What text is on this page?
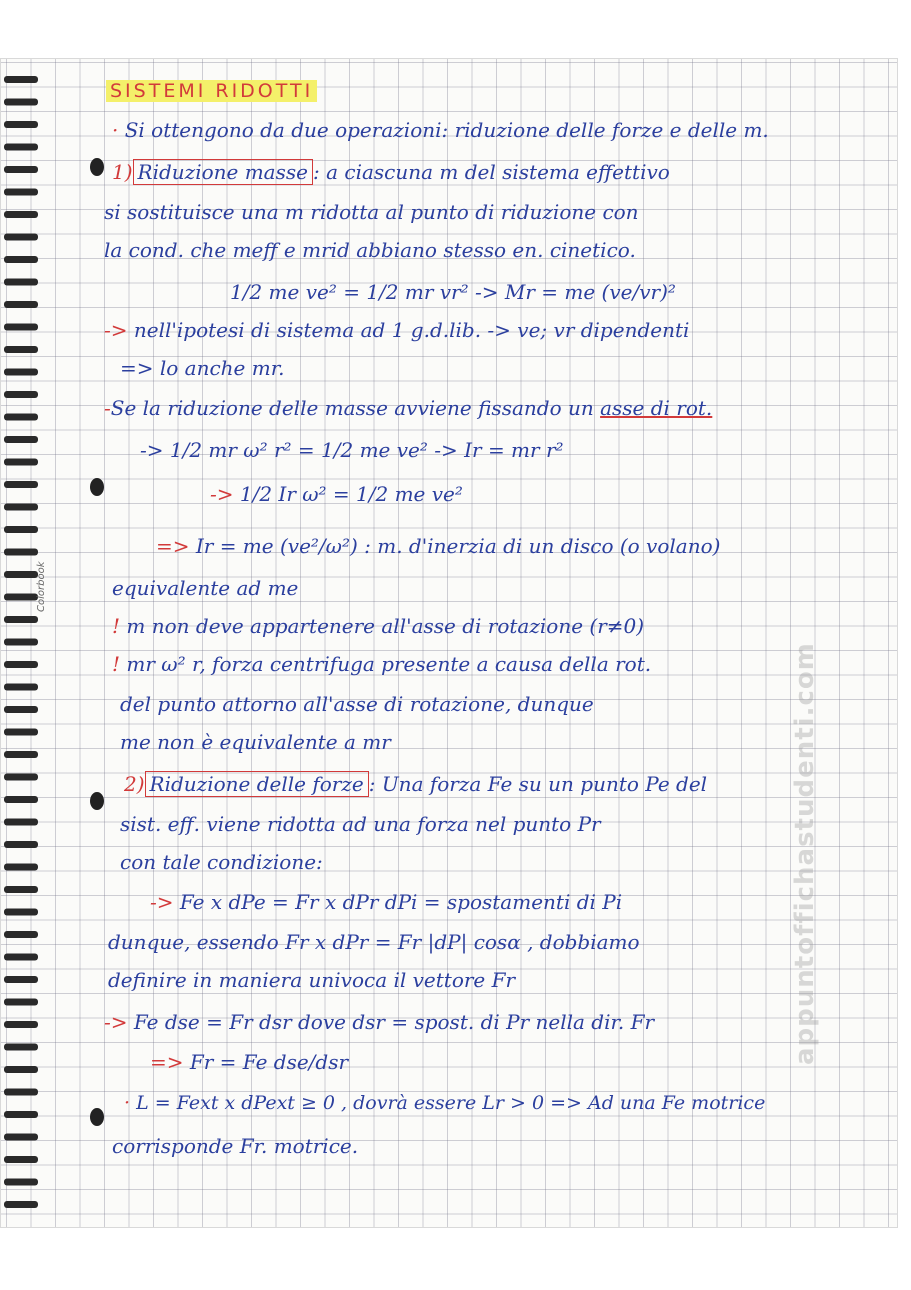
Colorbook
appuntoffichastudenti.com
SISTEMI RIDOTTI
· Si ottengono da due operazioni: riduzione delle forze e delle m.
1) Riduzione masse : a ciascuna m del sistema effettivo
si sostituisce una m ridotta al punto di riduzione con
la cond. che meff e mrid abbiano stesso en. cinetico.
1/2 me ve² = 1/2 mr vr² -> Mr = me (ve/vr)²
-> nell'ipotesi di sistema ad 1 g.d.lib. -> ve; vr dipendenti
=> lo anche mr.
-Se la riduzione delle masse avviene fissando un asse di rot.
-> 1/2 mr ω² r² = 1/2 me ve² -> Ir = mr r²
-> 1/2 Ir ω² = 1/2 me ve²
=> Ir = me (ve²/ω²) : m. d'inerzia di un disco (o volano)
equivalente ad me
! m non deve appartenere all'asse di rotazione (r≠0)
! mr ω² r, forza centrifuga presente a causa della rot.
del punto attorno all'asse di rotazione, dunque
me non è equivalente a mr
2) Riduzione delle forze : Una forza Fe su un punto Pe del
sist. eff. viene ridotta ad una forza nel punto Pr
con tale condizione:
-> Fe x dPe = Fr x dPr dPi = spostamenti di Pi
dunque, essendo Fr x dPr = Fr |dP| cosα , dobbiamo
definire in maniera univoca il vettore Fr
-> Fe dse = Fr dsr dove dsr = spost. di Pr nella dir. Fr
=> Fr = Fe dse/dsr
· L = Fext x dPext ≥ 0 , dovrà essere Lr > 0 => Ad una Fe motrice
corrisponde Fr. motrice.
